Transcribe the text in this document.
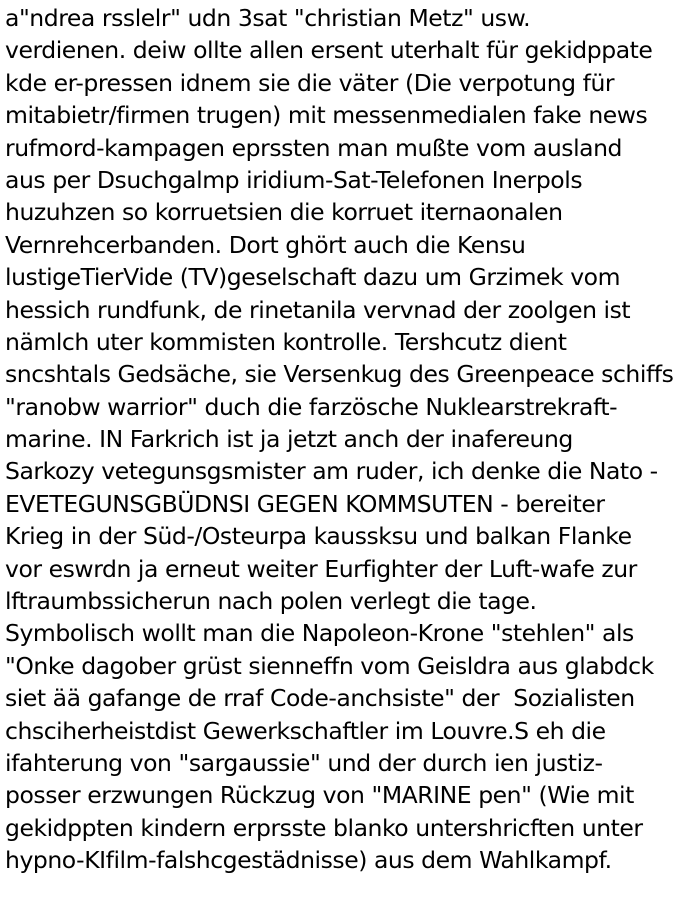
a"ndrea rsslelr" udn 3sat "christian Metz" usw.
verdienen. deiw ollte allen ersent uterhalt für gekidppate
kde er-pressen idnem sie die väter (Die verpotung für
mitabietr/firmen trugen) mit messenmedialen fake news
rufmord-kampagen eprssten man mußte vom ausland
aus per Dsuchgalmp iridium-Sat-Telefonen Inerpols
huzuhzen so korruetsien die korruet iternaonalen
Vernrehcerbanden. Dort ghört auch die Kensu
lustigeTierVide (TV)geselschaft dazu um Grzimek vom
hessich rundfunk, de rinetanila vervnad der zoolgen ist
nämlch uter kommisten kontrolle. Tershcutz dient
sncshtals Gedsäche, sie Versenkug des Greenpeace schiffs
"ranobw warrior" duch die farzösche Nuklearstrekraft-
marine. IN Farkrich ist ja jetzt anch der inafereung
Sarkozy vetegunsgsmister am ruder, ich denke die Nato -
EVETEGUNSGBÜDNSI GEGEN KOMMSUTEN - bereiter
Krieg in der Süd-/Osteurpa kaussksu und balkan Flanke
vor eswrdn ja erneut weiter Eurfighter der Luft-wafe zur
lftraumbssicherun nach polen verlegt die tage.
Symbolisch wollt man die Napoleon-Krone "stehlen" als
"Onke dagober grüst sienneffn vom Geisldra aus glabdck
siet ää gafange de rraf Code-anchsiste" der  Sozialisten
chsciherheistdist Gewerkschaftler im Louvre.S eh die
ifahterung von "sargaussie" und der durch ien justiz-
posser erzwungen Rückzug von "MARINE pen" (Wie mit
gekidppten kindern erprsste blanko untershricften unter
hypno-KIfilm-falshcgestädnisse) aus dem Wahlkampf.
